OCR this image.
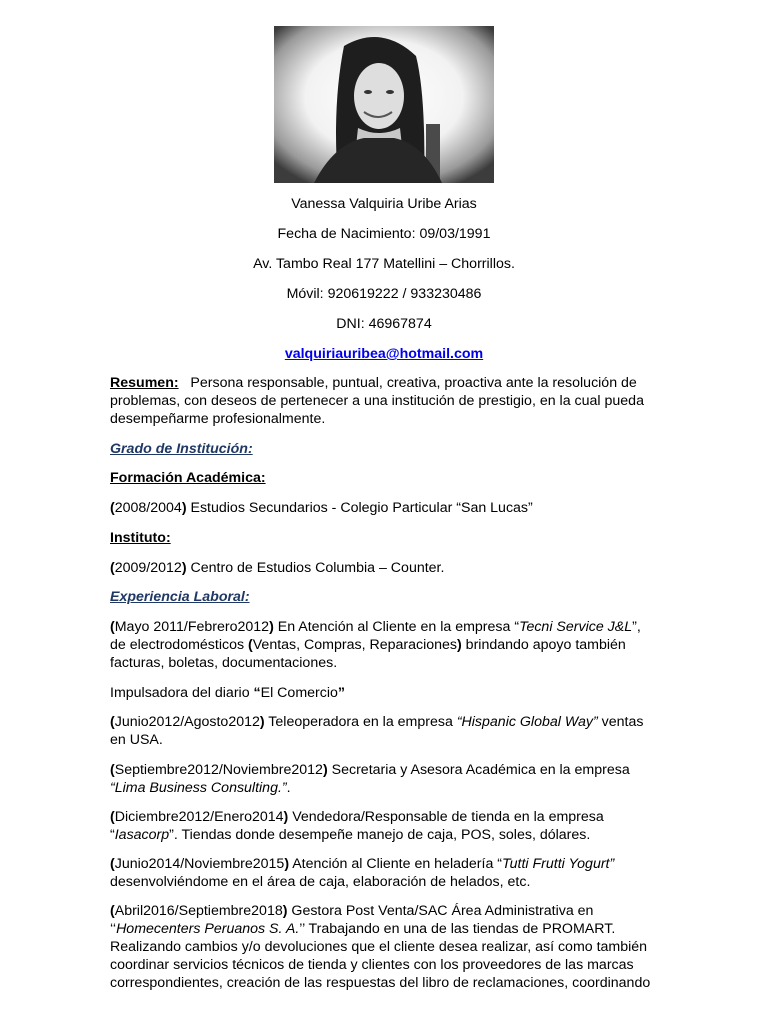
Vanessa Valquiria Uribe Arias
Fecha de Nacimiento: 09/03/1991
Av. Tambo Real 177 Matellini – Chorrillos.
Móvil: 920619222 / 933230486
DNI: 46967874
valquiriauribea@hotmail.com
Resumen: Persona responsable, puntual, creativa, proactiva ante la resolución de problemas, con deseos de pertenecer a una institución de prestigio, en la cual pueda desempeñarme profesionalmente.
Grado de Institución:
Formación Académica:
(2008/2004) Estudios Secundarios - Colegio Particular “San Lucas”
Instituto:
(2009/2012) Centro de Estudios Columbia – Counter.
Experiencia Laboral:
(Mayo 2011/Febrero2012) En Atención al Cliente en la empresa “Tecni Service J&L”, de electrodomésticos (Ventas, Compras, Reparaciones) brindando apoyo también facturas, boletas, documentaciones.
Impulsadora del diario “El Comercio”
(Junio2012/Agosto2012) Teleoperadora en la empresa “Hispanic Global Way” ventas en USA.
(Septiembre2012/Noviembre2012) Secretaria y Asesora Académica en la empresa “Lima Business Consulting.”.
(Diciembre2012/Enero2014) Vendedora/Responsable de tienda en la empresa “Iasacorp”. Tiendas donde desempeñe manejo de caja, POS, soles, dólares.
(Junio2014/Noviembre2015) Atención al Cliente en heladería “Tutti Frutti Yogurt” desenvolviéndome en el área de caja, elaboración de helados, etc.
(Abril2016/Septiembre2018) Gestora Post Venta/SAC Área Administrativa en ‘‘Homecenters Peruanos S. A.’’ Trabajando en una de las tiendas de PROMART. Realizando cambios y/o devoluciones que el cliente desea realizar, así como también coordinar servicios técnicos de tienda y clientes con los proveedores de las marcas correspondientes, creación de las respuestas del libro de reclamaciones, coordinando
